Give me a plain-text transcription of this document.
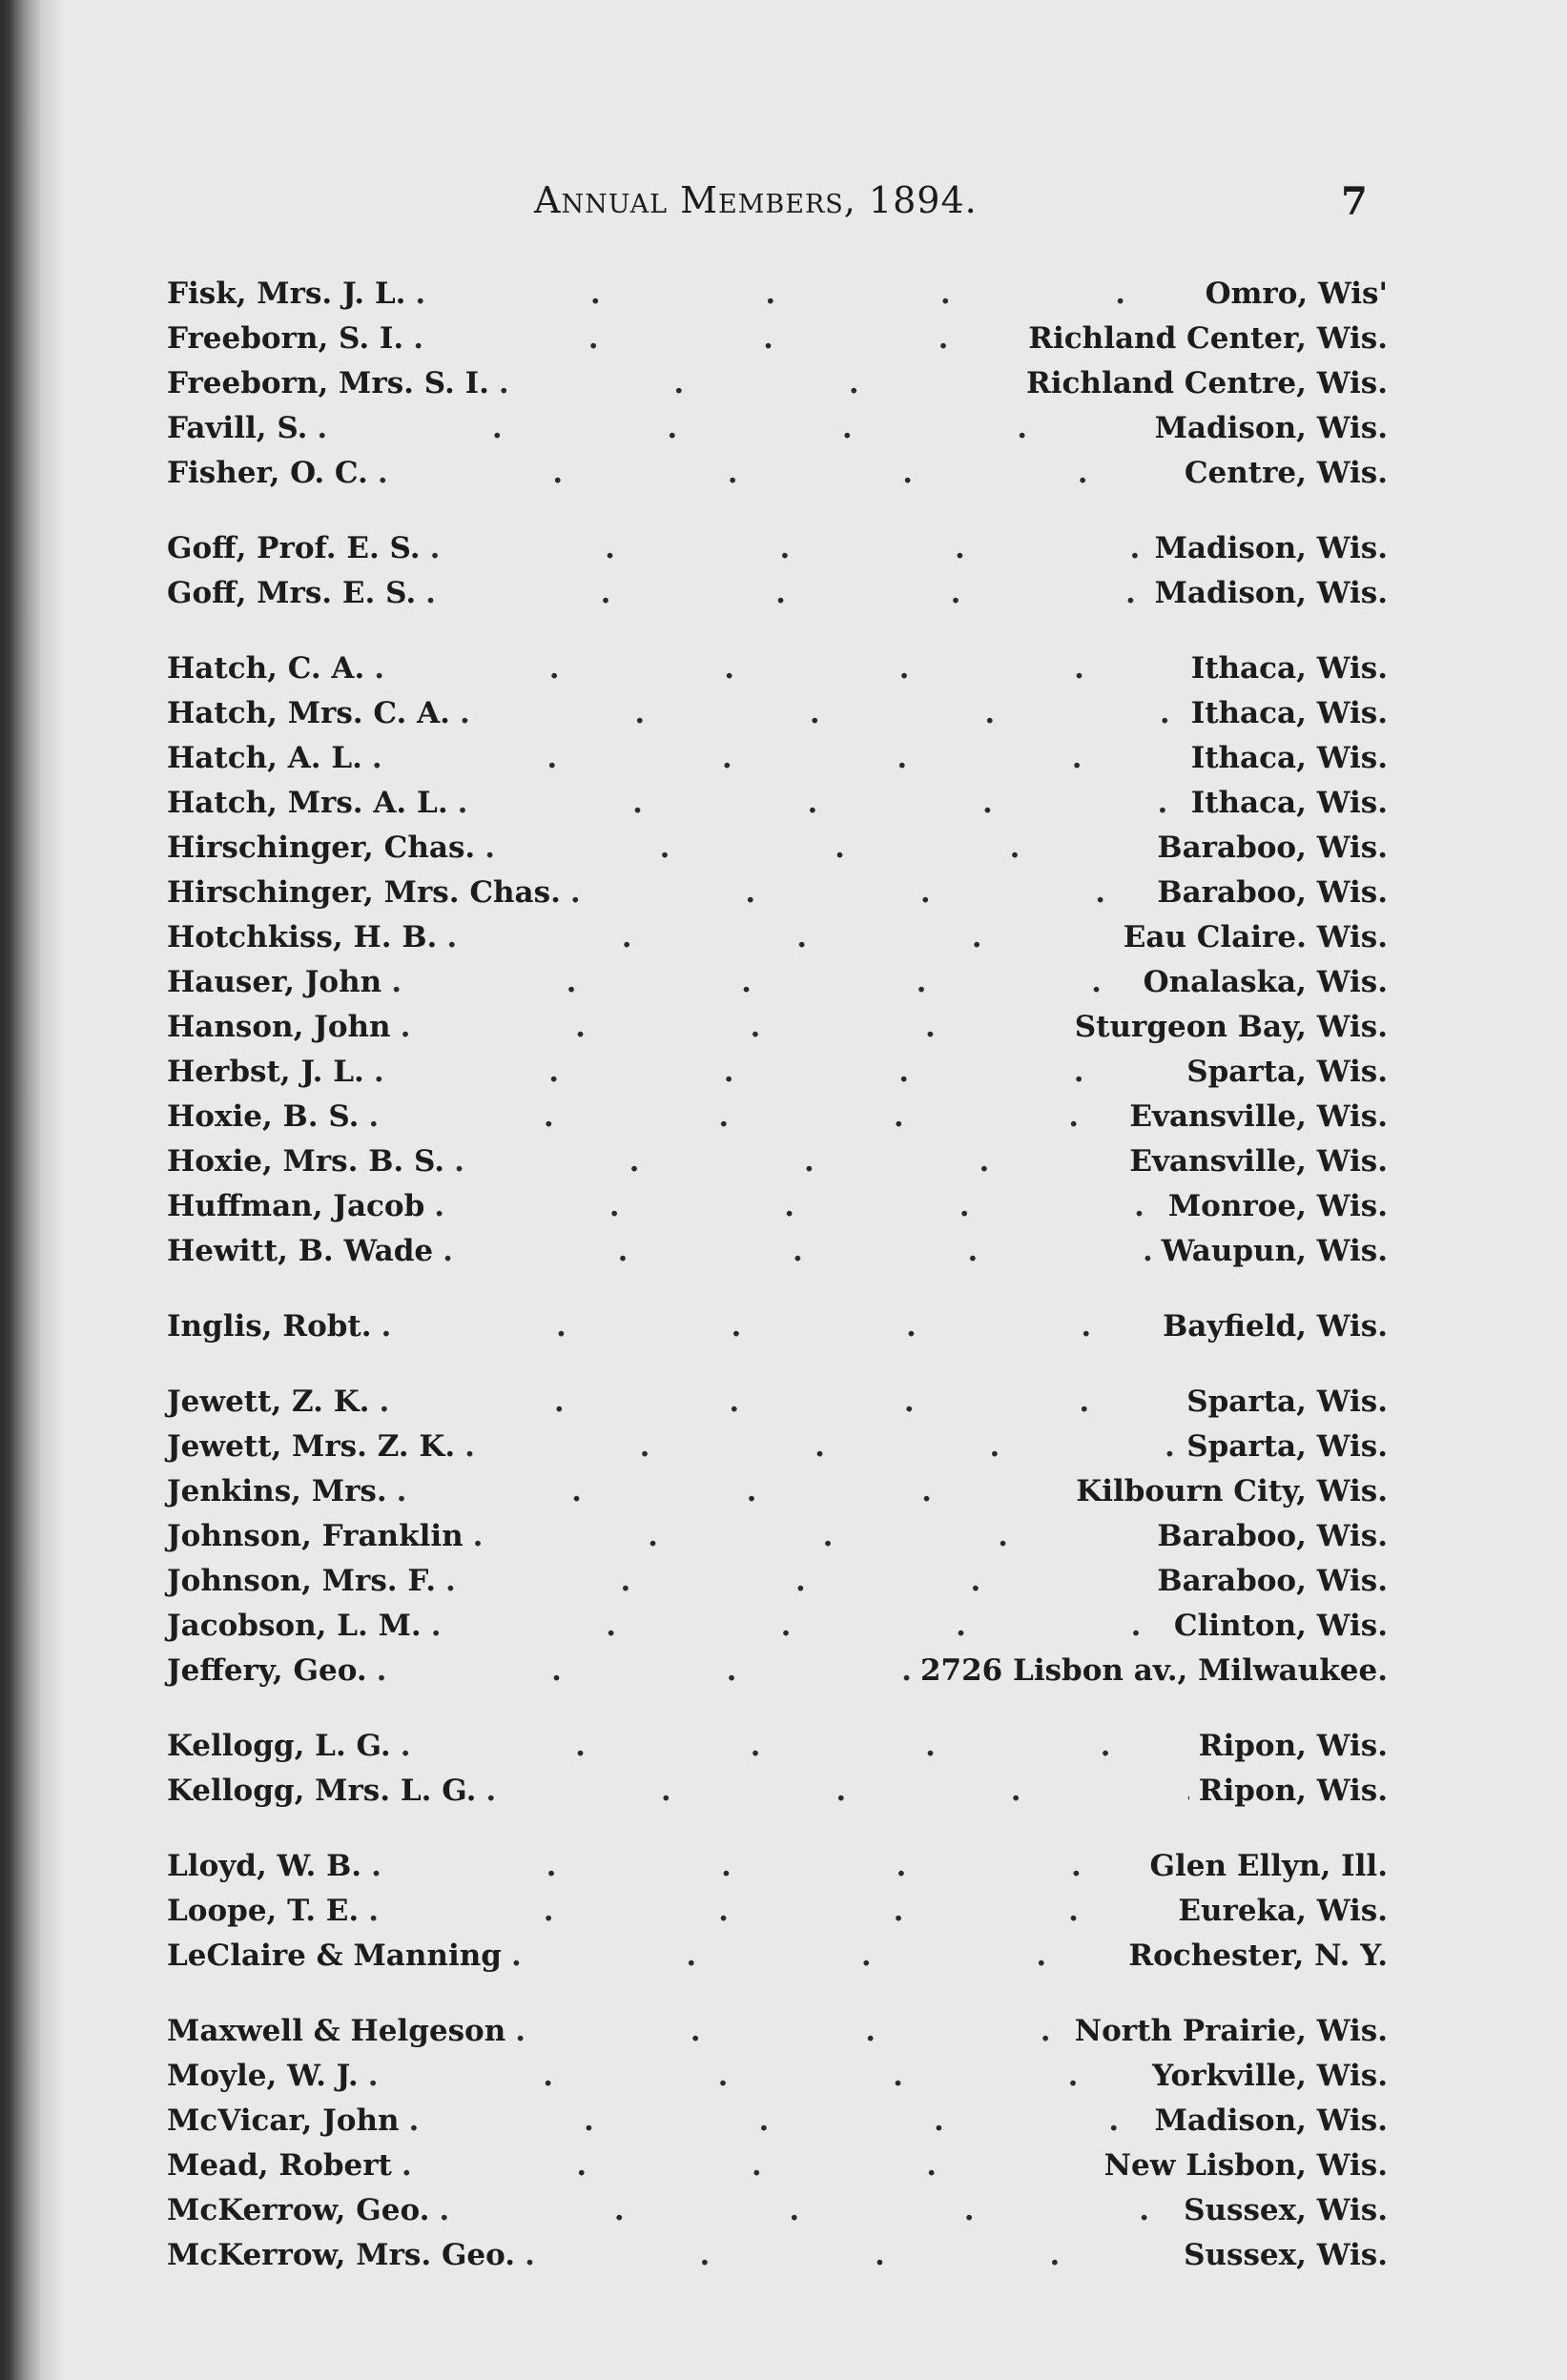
Annual Members, 1894.	7
Fisk, Mrs. J. L. .	Omro, Wis'
Freeborn, S. I. .	Richland Center, Wis.
Freeborn, Mrs. S. I. .	Richland Centre, Wis.
Favill, S. .	Madison, Wis.
Fisher, O. C. .	Centre, Wis.
Goff, Prof. E. S. .	Madison, Wis.
Goff, Mrs. E. S. .	Madison, Wis.
Hatch, C. A. .	Ithaca, Wis.
Hatch, Mrs. C. A. .	Ithaca, Wis.
Hatch, A. L. .	Ithaca, Wis.
Hatch, Mrs. A. L. .	Ithaca, Wis.
Hirschinger, Chas. .	Baraboo, Wis.
Hirschinger, Mrs. Chas. .	Baraboo, Wis.
Hotchkiss, H. B. .	Eau Claire. Wis.
Hauser, John .	Onalaska, Wis.
Hanson, John .	Sturgeon Bay, Wis.
Herbst, J. L. .	Sparta, Wis.
Hoxie, B. S. .	Evansville, Wis.
Hoxie, Mrs. B. S. .	Evansville, Wis.
Huffman, Jacob .	Monroe, Wis.
Hewitt, B. Wade .	Waupun, Wis.
Inglis, Robt. .	Bayfield, Wis.
Jewett, Z. K. .	Sparta, Wis.
Jewett, Mrs. Z. K. .	Sparta, Wis.
Jenkins, Mrs. .	Kilbourn City, Wis.
Johnson, Franklin .	Baraboo, Wis.
Johnson, Mrs. F. .	Baraboo, Wis.
Jacobson, L. M. .	Clinton, Wis.
Jeffery, Geo. .	2726 Lisbon av., Milwaukee.
Kellogg, L. G. .	Ripon, Wis.
Kellogg, Mrs. L. G. .	Ripon, Wis.
Lloyd, W. B. .	Glen Ellyn, Ill.
Loope, T. E. .	Eureka, Wis.
LeClaire & Manning .	Rochester, N. Y.
Maxwell & Helgeson .	North Prairie, Wis.
Moyle, W. J. .	Yorkville, Wis.
McVicar, John .	Madison, Wis.
Mead, Robert .	New Lisbon, Wis.
McKerrow, Geo. .	Sussex, Wis.
McKerrow, Mrs. Geo. .	Sussex, Wis.
